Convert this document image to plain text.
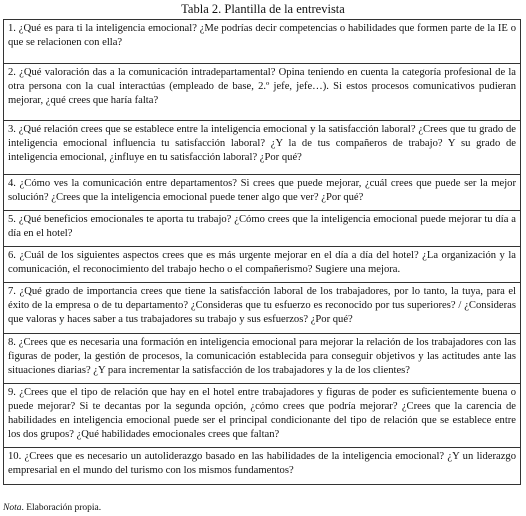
Tabla 2. Plantilla de la entrevista
1. ¿Qué es para ti la inteligencia emocional? ¿Me podrías decir competencias o habilidades que formen parte de la IE o que se relacionen con ella?
2. ¿Qué valoración das a la comunicación intradepartamental? Opina teniendo en cuenta la categoría profesional de la otra persona con la cual interactúas (empleado de base, 2.º jefe, jefe…). Si estos procesos comunicativos pudieran mejorar, ¿qué crees que haría falta?
3. ¿Qué relación crees que se establece entre la inteligencia emocional y la satisfacción laboral? ¿Crees que tu grado de inteligencia emocional influencia tu satisfacción laboral? ¿Y la de tus compañeros de trabajo? Y su grado de inteligencia emocional, ¿influye en tu satisfacción laboral? ¿Por qué?
4. ¿Cómo ves la comunicación entre departamentos? Si crees que puede mejorar, ¿cuál crees que puede ser la mejor solución? ¿Crees que la inteligencia emocional puede tener algo que ver? ¿Por qué?
5. ¿Qué beneficios emocionales te aporta tu trabajo? ¿Cómo crees que la inteligencia emocional puede mejorar tu día a día en el hotel?
6. ¿Cuál de los siguientes aspectos crees que es más urgente mejorar en el día a día del hotel? ¿La organización y la comunicación, el reconocimiento del trabajo hecho o el compañerismo? Sugiere una mejora.
7. ¿Qué grado de importancia crees que tiene la satisfacción laboral de los trabajadores, por lo tanto, la tuya, para el éxito de la empresa o de tu departamento? ¿Consideras que tu esfuerzo es reconocido por tus superiores? / ¿Consideras que valoras y haces saber a tus trabajadores su trabajo y sus esfuerzos? ¿Por qué?
8. ¿Crees que es necesaria una formación en inteligencia emocional para mejorar la relación de los trabajadores con las figuras de poder, la gestión de procesos, la comunicación establecida para conseguir objetivos y las actitudes ante las situaciones diarias? ¿Y para incrementar la satisfacción de los trabajadores y la de los clientes?
9. ¿Crees que el tipo de relación que hay en el hotel entre trabajadores y figuras de poder es suficientemente buena o puede mejorar? Si te decantas por la segunda opción, ¿cómo crees que podría mejorar? ¿Crees que la carencia de habilidades en inteligencia emocional puede ser el principal condicionante del tipo de relación que se establece entre los dos grupos? ¿Qué habilidades emocionales crees que faltan?
10. ¿Crees que es necesario un autoliderazgo basado en las habilidades de la inteligencia emocional? ¿Y un liderazgo empresarial en el mundo del turismo con los mismos fundamentos?
Nota. Elaboración propia.
